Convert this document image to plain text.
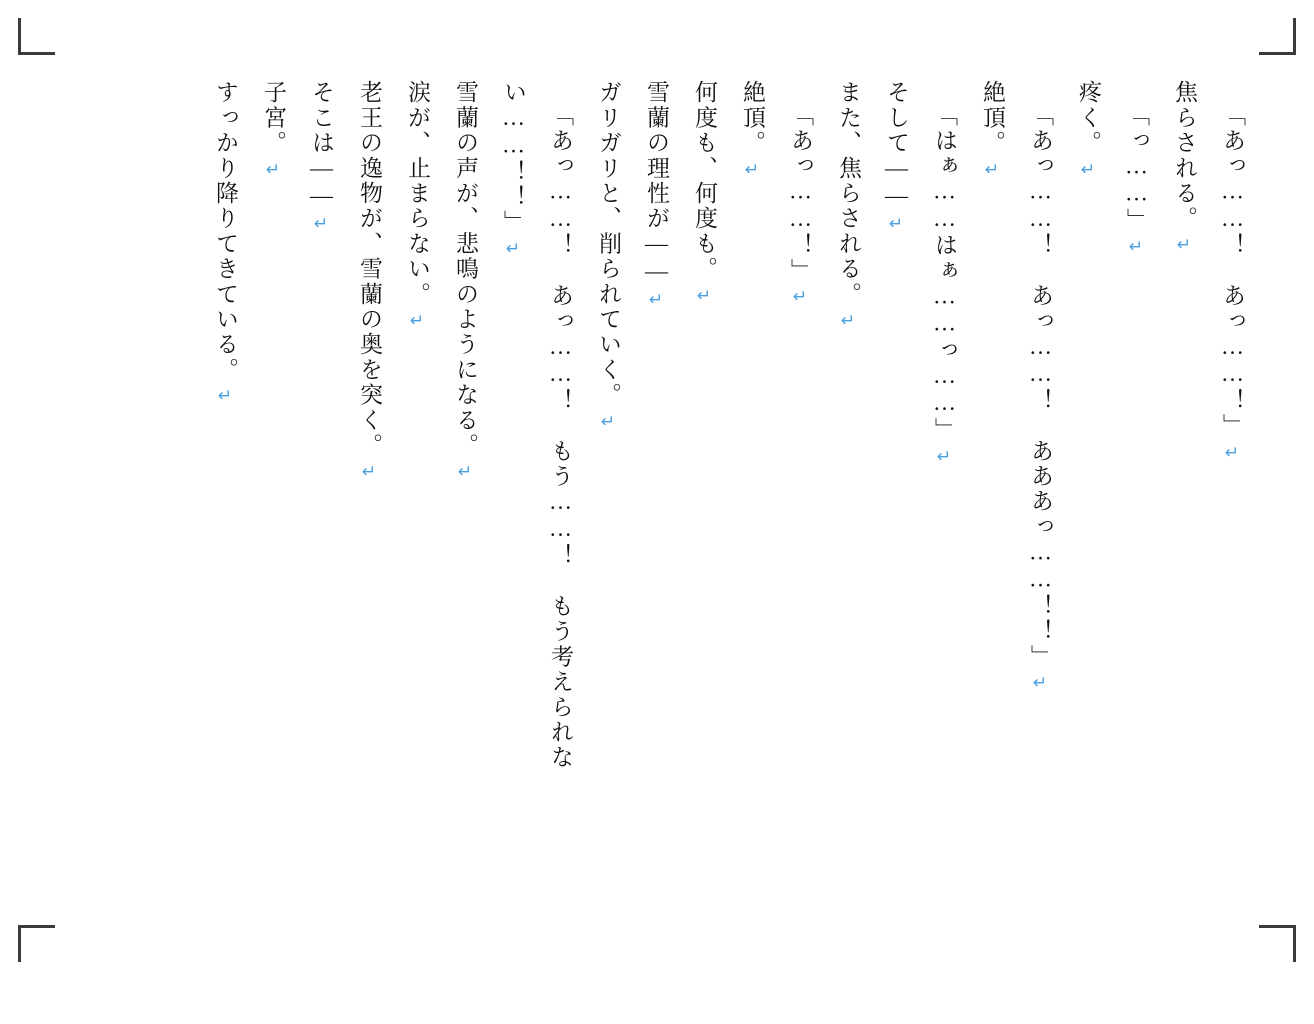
「あっ……！　あっ……！」↵
焦らされる。↵
「っ……」↵
疼く。↵
「あっ……！　あっ……！　あああっ……！！」↵
絶頂。↵
「はぁ……はぁ……っ……」↵
そして——↵
また、焦らされる。↵
「あっ……！」↵
絶頂。↵
何度も、何度も。↵
雪蘭の理性が——↵
ガリガリと、削られていく。↵
「あっ……！　あっ……！　もう……！　もう考えられない……！！」↵
雪蘭の声が、悲鳴のようになる。↵
涙が、止まらない。↵
老王の逸物が、雪蘭の奥を突く。↵
そこは——↵
子宮。↵
すっかり降りてきている。↵
